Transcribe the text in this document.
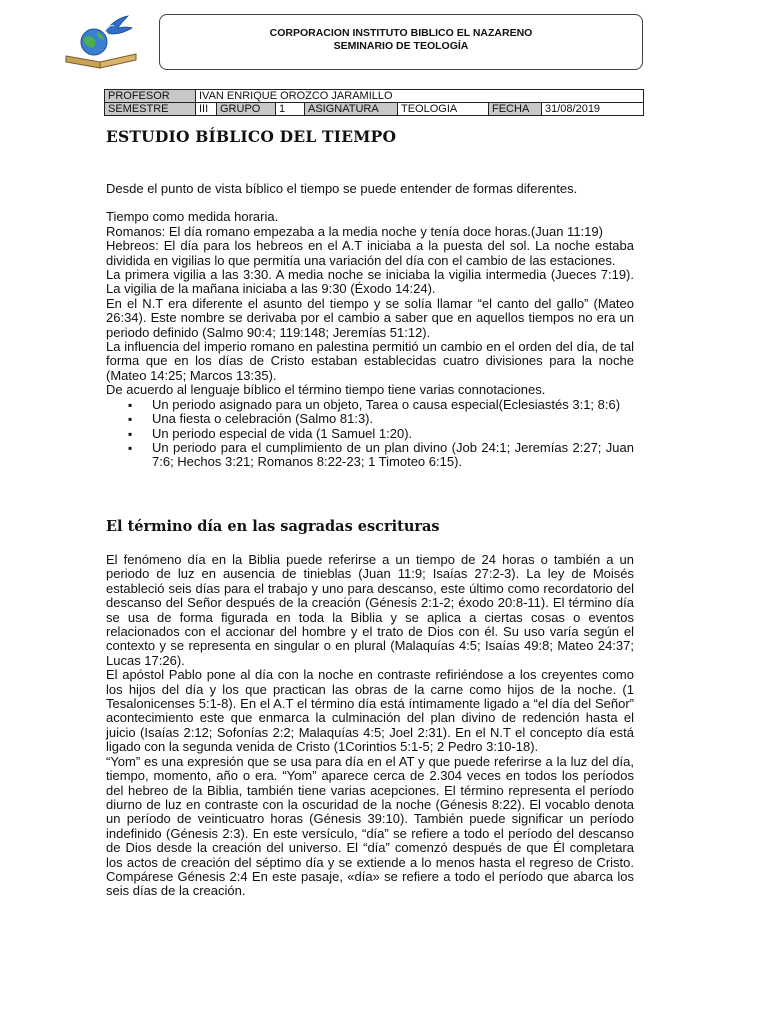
CORPORACION INSTITUTO BIBLICO EL NAZARENO
SEMINARIO DE TEOLOGÍA
PROFESOR	IVAN ENRIQUE OROZCO JARAMILLO						
SEMESTRE	III	GRUPO	1	ASIGNATURA	TEOLOGIA	FECHA	31/08/2019
ESTUDIO BÍBLICO DEL TIEMPO

Desde el punto de vista bíblico el tiempo se puede entender de formas diferentes.

Tiempo como medida horaria.

Romanos: El día romano empezaba a la media noche y tenía doce horas.(Juan 11:19)

Hebreos: El día para los hebreos en el A.T iniciaba a la puesta del sol. La noche estaba dividida en vigilias lo que permitía una variación del día con el cambio de las estaciones.

La primera vigilia a las 3:30. A media noche se iniciaba la vigilia intermedia (Jueces 7:19). La vigilia de la mañana iniciaba a las 9:30 (Éxodo 14:24).

En el N.T era diferente el asunto del tiempo y se solía llamar “el canto del gallo” (Mateo 26:34). Este nombre se derivaba por el cambio a saber que en aquellos tiempos no era un periodo definido (Salmo 90:4; 119:148; Jeremías 51:12).

La influencia del imperio romano en palestina permitió un cambio en el orden del día, de tal forma que en los días de Cristo estaban establecidas cuatro divisiones para la noche (Mateo 14:25; Marcos 13:35).

De acuerdo al lenguaje bíblico el término tiempo tiene varias connotaciones.

▪ Un periodo asignado para un objeto, Tarea o causa especial(Eclesiastés 3:1; 8:6)
▪ Una fiesta o celebración (Salmo 81:3).
▪ Un periodo especial de vida (1 Samuel 1:20).
▪ Un periodo para el cumplimiento de un plan divino (Job 24:1; Jeremías 2:27; Juan 7:6; Hechos 3:21; Romanos 8:22-23; 1 Timoteo 6:15).
El término día en las sagradas escrituras

El fenómeno día en la Biblia puede referirse a un tiempo de 24 horas o también a un periodo de luz en ausencia de tinieblas (Juan 11:9; Isaías 27:2-3). La ley de Moisés estableció seis días para el trabajo y uno para descanso, este último como recordatorio del descanso del Señor después de la creación (Génesis 2:1-2; éxodo 20:8-11). El término día se usa de forma figurada en toda la Biblia y se aplica a ciertas cosas o eventos relacionados con el accionar del hombre y el trato de Dios con él. Su uso varía según el contexto y se representa en singular o en plural (Malaquías 4:5; Isaías 49:8; Mateo 24:37; Lucas 17:26).

El apóstol Pablo pone al día con la noche en contraste refiriéndose a los creyentes como los hijos del día y los que practican las obras de la carne como hijos de la noche. (1 Tesalonicenses 5:1-8). En el A.T el término día está íntimamente ligado a “el día del Señor” acontecimiento este que enmarca la culminación del plan divino de redención hasta el juicio (Isaías 2:12; Sofonías 2:2; Malaquías 4:5; Joel 2:31). En el N.T el concepto día está ligado con la segunda venida de Cristo (1Corintios 5:1-5; 2 Pedro 3:10-18).

“Yom” es una expresión que se usa para día en el AT y que puede referirse a la luz del día, tiempo, momento, año o era. “Yom” aparece cerca de 2.304 veces en todos los períodos del hebreo de la Biblia, también tiene varias acepciones. El término representa el período diurno de luz en contraste con la oscuridad de la noche (Génesis 8:22). El vocablo denota un período de veinticuatro horas (Génesis 39:10). También puede significar un período indefinido (Génesis 2:3). En este versículo, “día” se refiere a todo el período del descanso de Dios desde la creación del universo. El “día” comenzó después de que Él completara los actos de creación del séptimo día y se extiende a lo menos hasta el regreso de Cristo. Compárese Génesis 2:4 En este pasaje, «día» se refiere a todo el período que abarca los seis días de la creación.
